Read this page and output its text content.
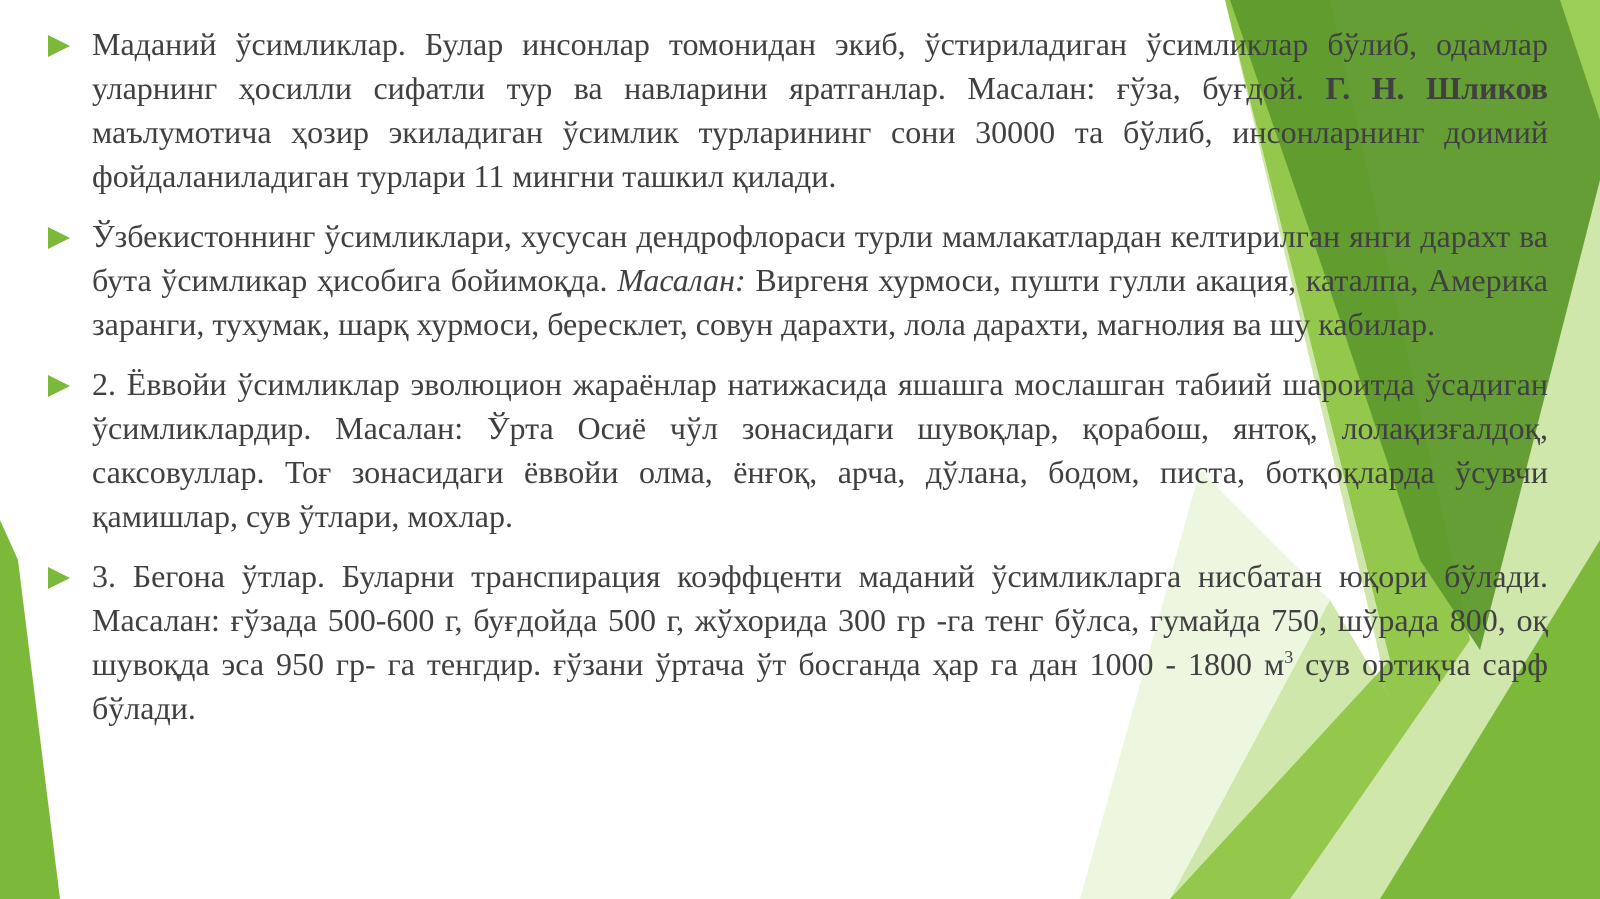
Маданий ўсимликлар. Булар инсонлар томонидан экиб, ўстириладиган ўсимликлар бўлиб, одамлар уларнинг ҳосилли сифатли тур ва навларини яратганлар. Масалан: ғўза, буғдой. Г. Н. Шликов маълумотича ҳозир экиладиган ўсимлик турларининг сони 30000 та бўлиб, инсонларнинг доимий фойдаланиладиган турлари 11 мингни ташкил қилади.

Ўзбекистоннинг ўсимликлари, хусусан дендрофлораси турли мамлакатлардан келтирилган янги дарахт ва бута ўсимликар ҳисобига бойимоқда. Масалан: Виргеня хурмоси, пушти гулли акация, каталпа, Америка заранги, тухумак, шарқ хурмоси, бересклет, совун дарахти, лола дарахти, магнолия ва шу кабилар.

2. Ёввойи ўсимликлар эволюцион жараёнлар натижасида яшашга мослашган табиий шароитда ўсадиган ўсимликлардир. Масалан: Ўрта Осиё чўл зонасидаги шувоқлар, қорабош, янтоқ, лолақизғалдоқ, саксовуллар. Тоғ зонасидаги ёввойи олма, ёнғоқ, арча, дўлана, бодом, писта, ботқоқларда ўсувчи қамишлар, сув ўтлари, мохлар.

3. Бегона ўтлар. Буларни транспирация коэффценти маданий ўсимликларга нисбатан юқори бўлади. Масалан: ғўзада 500-600 г, буғдойда 500 г, жўхорида 300 гр -га тенг бўлса, гумайда 750, шўрада 800, оқ шувоқда эса 950 гр- га тенгдир. ғўзани ўртача ўт босганда ҳар га дан 1000 - 1800 $м^3$ сув ортиқча сарф бўлади.
